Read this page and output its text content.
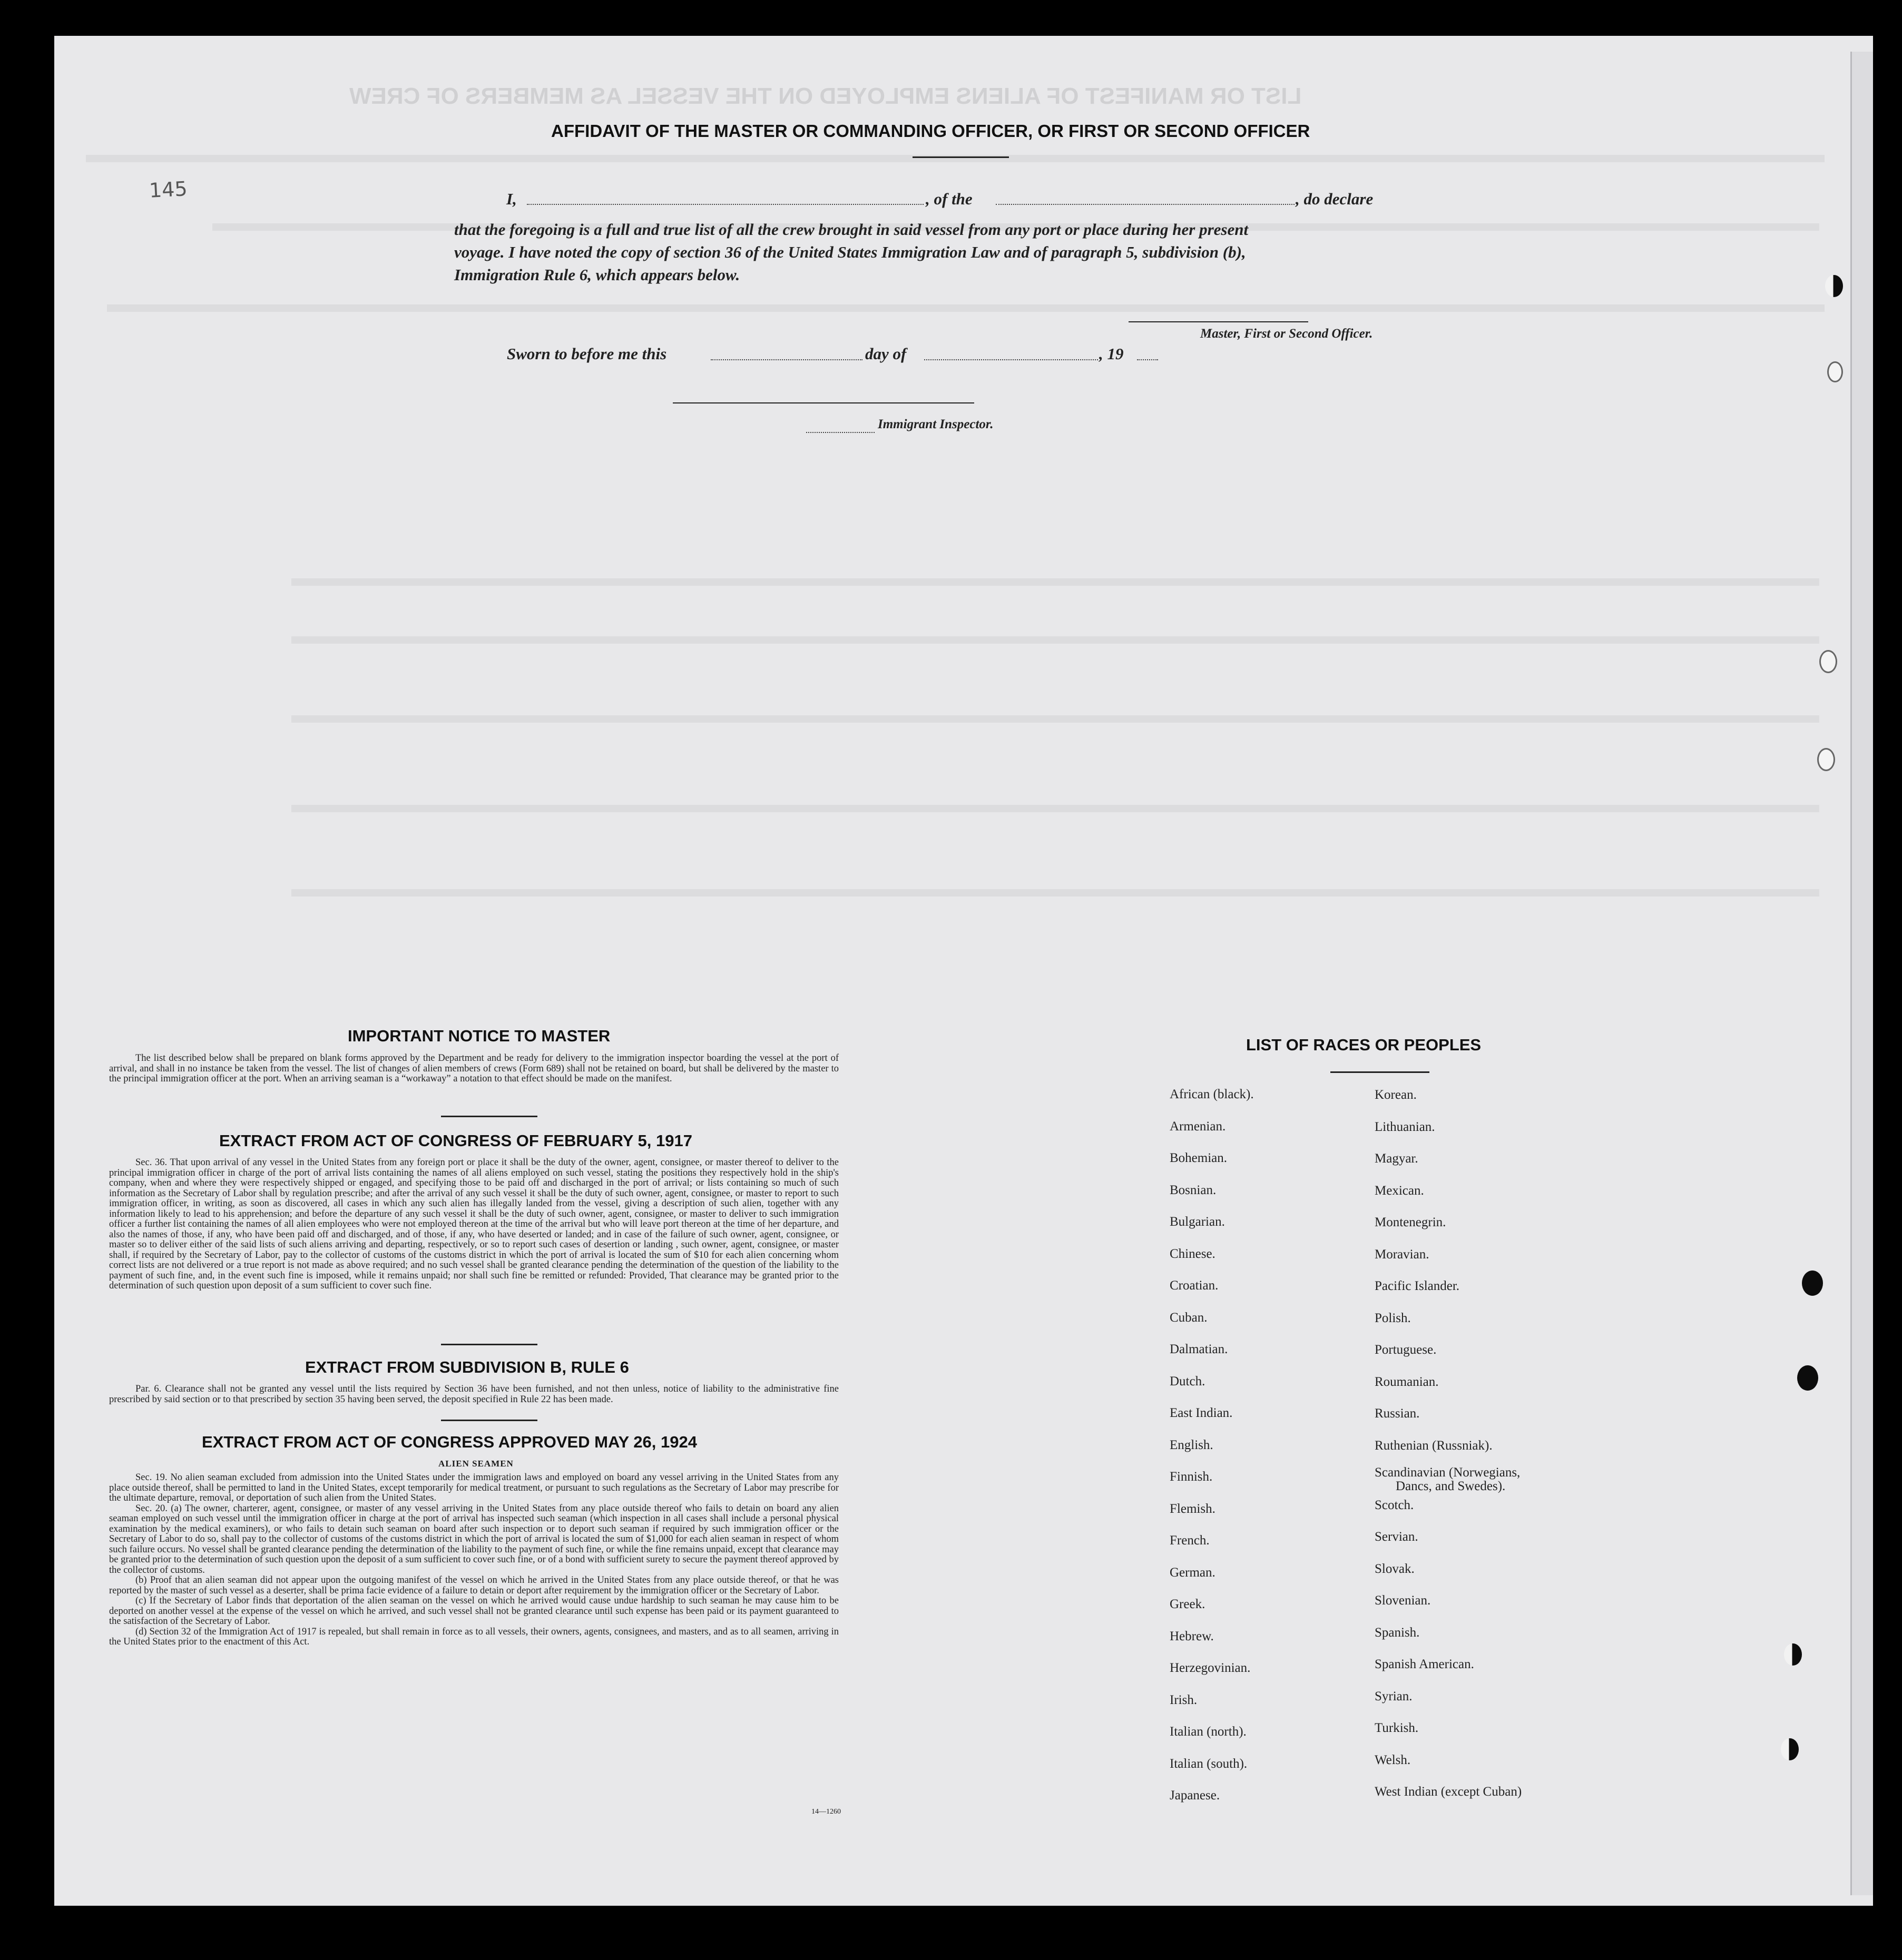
LIST OR MANIFEST OF ALIENS EMPLOYED ON THE VESSEL AS MEMBERS OF CREW
145
AFFIDAVIT OF THE MASTER OR COMMANDING OFFICER, OR FIRST OR SECOND OFFICER
I,	, of the	, do declare
that the foregoing is a full and true list of all the crew brought in said vessel from any port or place during her present
voyage. I have noted the copy of section 36 of the United States Immigration Law and of paragraph 5, subdivision (b),
Immigration Rule 6, which appears below.
Master, First or Second Officer.
Sworn to before me this	day of	, 19
Immigrant Inspector.
IMPORTANT NOTICE TO MASTER

The list described below shall be prepared on blank forms approved by the Department and be ready for delivery to the immigration inspector boarding the vessel at the port of arrival, and shall in no instance be taken from the vessel. The list of changes of alien members of crews (Form 689) shall not be retained on board, but shall be delivered by the master to the principal immigration officer at the port. When an arriving seaman is a “workaway” a notation to that effect should be made on the manifest.

EXTRACT FROM ACT OF CONGRESS OF FEBRUARY 5, 1917

Sec. 36. That upon arrival of any vessel in the United States from any foreign port or place it shall be the duty of the owner, agent, consignee, or master thereof to deliver to the principal immigration officer in charge of the port of arrival lists containing the names of all aliens employed on such vessel, stating the positions they respectively hold in the ship's company, when and where they were respectively shipped or engaged, and specifying those to be paid off and discharged in the port of arrival; or lists containing so much of such information as the Secretary of Labor shall by regulation prescribe; and after the arrival of any such vessel it shall be the duty of such owner, agent, consignee, or master to report to such immigration officer, in writing, as soon as discovered, all cases in which any such alien has illegally landed from the vessel, giving a description of such alien, together with any information likely to lead to his apprehension; and before the departure of any such vessel it shall be the duty of such owner, agent, consignee, or master to deliver to such immigration officer a further list containing the names of all alien employees who were not employed thereon at the time of the arrival but who will leave port thereon at the time of her departure, and also the names of those, if any, who have been paid off and discharged, and of those, if any, who have deserted or landed; and in case of the failure of such owner, agent, consignee, or master so to deliver either of the said lists of such aliens arriving and departing, respectively, or so to report such cases of desertion or landing , such owner, agent, consignee, or master shall, if required by the Secretary of Labor, pay to the collector of customs of the customs district in which the port of arrival is located the sum of $10 for each alien concerning whom correct lists are not delivered or a true report is not made as above required; and no such vessel shall be granted clearance pending the determination of the question of the liability to the payment of such fine, and, in the event such fine is imposed, while it remains unpaid; nor shall such fine be remitted or refunded: Provided, That clearance may be granted prior to the determination of such question upon deposit of a sum sufficient to cover such fine.

EXTRACT FROM SUBDIVISION B, RULE 6

Par. 6. Clearance shall not be granted any vessel until the lists required by Section 36 have been furnished, and not then unless, notice of liability to the administrative fine prescribed by said section or to that prescribed by section 35 having been served, the deposit specified in Rule 22 has been made.

EXTRACT FROM ACT OF CONGRESS APPROVED MAY 26, 1924
ALIEN SEAMEN

Sec. 19. No alien seaman excluded from admission into the United States under the immigration laws and employed on board any vessel arriving in the United States from any place outside thereof, shall be permitted to land in the United States, except temporarily for medical treatment, or pursuant to such regulations as the Secretary of Labor may prescribe for the ultimate departure, removal, or deportation of such alien from the United States.

Sec. 20. (a) The owner, charterer, agent, consignee, or master of any vessel arriving in the United States from any place outside thereof who fails to detain on board any alien seaman employed on such vessel until the immigration officer in charge at the port of arrival has inspected such seaman (which inspection in all cases shall include a personal physical examination by the medical examiners), or who fails to detain such seaman on board after such inspection or to deport such seaman if required by such immigration officer or the Secretary of Labor to do so, shall pay to the collector of customs of the customs district in which the port of arrival is located the sum of $1,000 for each alien seaman in respect of whom such failure occurs. No vessel shall be granted clearance pending the determination of the liability to the payment of such fine, or while the fine remains unpaid, except that clearance may be granted prior to the determination of such question upon the deposit of a sum sufficient to cover such fine, or of a bond with sufficient surety to secure the payment thereof approved by the collector of customs.

(b) Proof that an alien seaman did not appear upon the outgoing manifest of the vessel on which he arrived in the United States from any place outside thereof, or that he was reported by the master of such vessel as a deserter, shall be prima facie evidence of a failure to detain or deport after requirement by the immigration officer or the Secretary of Labor.

(c) If the Secretary of Labor finds that deportation of the alien seaman on the vessel on which he arrived would cause undue hardship to such seaman he may cause him to be deported on another vessel at the expense of the vessel on which he arrived, and such vessel shall not be granted clearance until such expense has been paid or its payment guaranteed to the satisfaction of the Secretary of Labor.

(d) Section 32 of the Immigration Act of 1917 is repealed, but shall remain in force as to all vessels, their owners, agents, consignees, and masters, and as to all seamen, arriving in the United States prior to the enactment of this Act.

14—1260
LIST OF RACES OR PEOPLES
African (black).
Armenian.
Bohemian.
Bosnian.
Bulgarian.
Chinese.
Croatian.
Cuban.
Dalmatian.
Dutch.
East Indian.
English.
Finnish.
Flemish.
French.
German.
Greek.
Hebrew.
Herzegovinian.
Irish.
Italian (north).
Italian (south).
Japanese.
Korean.
Lithuanian.
Magyar.
Mexican.
Montenegrin.
Moravian.
Pacific Islander.
Polish.
Portuguese.
Roumanian.
Russian.
Ruthenian (Russniak).
Scandinavian (Norwegians,
Dancs, and Swedes).
Scotch.
Servian.
Slovak.
Slovenian.
Spanish.
Spanish American.
Syrian.
Turkish.
Welsh.
West Indian (except Cuban)
